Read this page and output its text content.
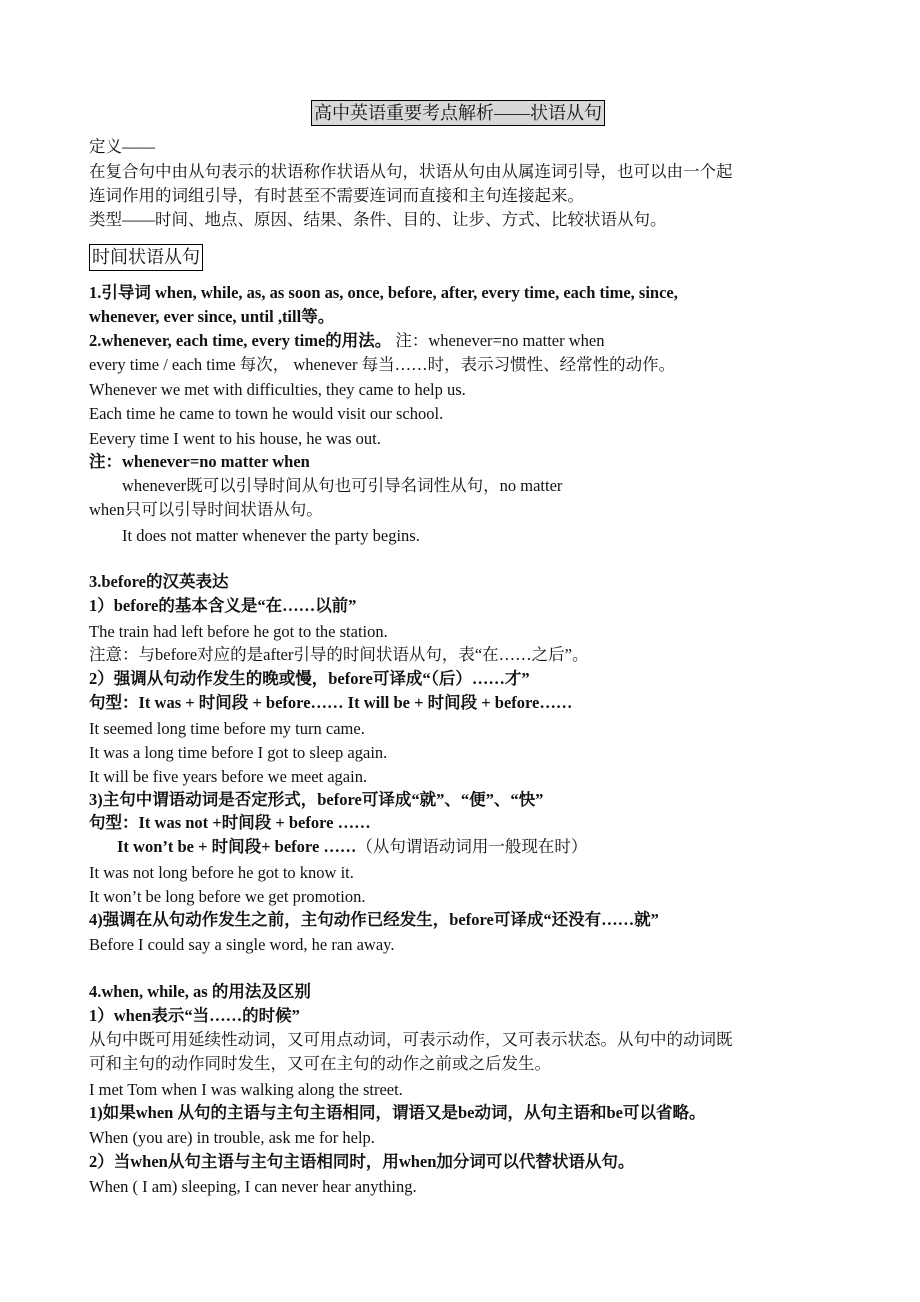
高中英语重要考点解析——状语从句
时间状语从句
定义——
在复合句中由从句表示的状语称作状语从句，状语从句由从属连词引导，也可以由一个起
连词作用的词组引导，有时甚至不需要连词而直接和主句连接起来。
类型——时间、地点、原因、结果、条件、目的、让步、方式、比较状语从句。
1.引导词 when, while, as, as soon as, once, before, after, every time, each time, since,
whenever, ever since, until ,till等。
2.whenever, each time, every time的用法。 注：whenever=no matter when
every time / each time 每次， whenever 每当……时，表示习惯性、经常性的动作。
Whenever we met with difficulties, they came to help us.
Each time he came to town he would visit our school.
Eevery time I went to his house, he was out.
注：whenever=no matter when
whenever既可以引导时间从句也可引导名词性从句，no matter
when只可以引导时间状语从句。
It does not matter whenever the party begins.
3.before的汉英表达
1）before的基本含义是“在……以前”
The train had left before he got to the station.
注意：与before对应的是after引导的时间状语从句，表“在……之后”。
2）强调从句动作发生的晚或慢，before可译成“（后）……才”
句型：It was + 时间段 + before…… It will be + 时间段 + before……
It seemed long time before my turn came.
It was a long time before I got to sleep again.
It will be five years before we meet again.
3)主句中谓语动词是否定形式，before可译成“就”、“便”、“快”
句型：It was not +时间段 + before ……
It won’t be + 时间段+ before ……（从句谓语动词用一般现在时）
It was not long before he got to know it.
It won’t be long before we get promotion.
4)强调在从句动作发生之前，主句动作已经发生，before可译成“还没有……就”
Before I could say a single word, he ran away.
4.when, while, as 的用法及区别
1）when表示“当……的时候”
从句中既可用延续性动词，又可用点动词，可表示动作，又可表示状态。从句中的动词既
可和主句的动作同时发生，又可在主句的动作之前或之后发生。
I met Tom when I was walking along the street.
1)如果when 从句的主语与主句主语相同，谓语又是be动词，从句主语和be可以省略。
When (you are) in trouble, ask me for help.
2）当when从句主语与主句主语相同时，用when加分词可以代替状语从句。
When ( I am) sleeping, I can never hear anything.
